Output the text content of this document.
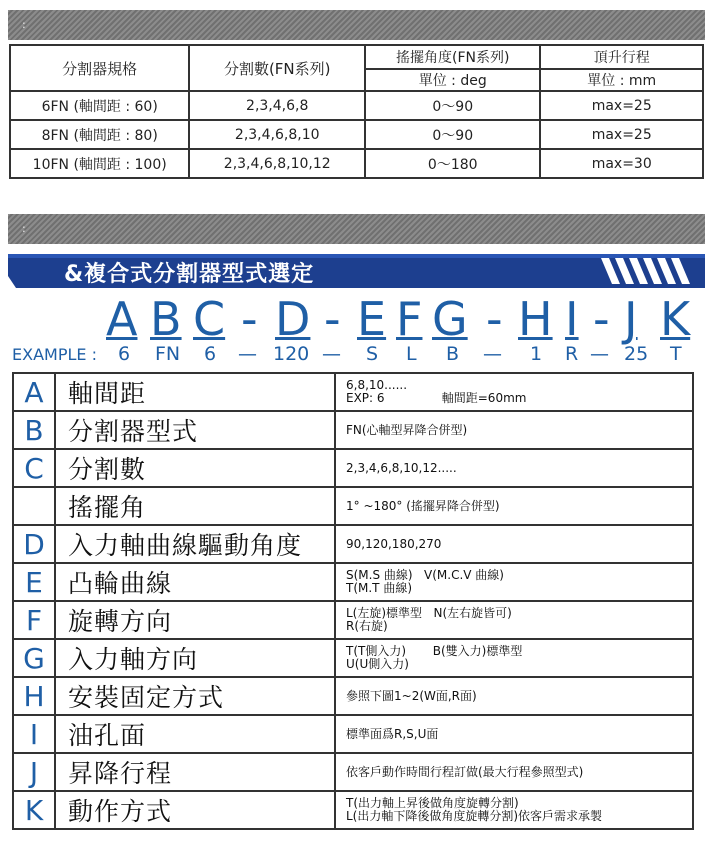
:
分割器規格	分割數(FN系列)	搖擺角度(FN系列)	頂升行程
		單位 : deg	單位 : mm
6FN (軸間距 : 60)	2,3,4,6,8	0～90	max=25
8FN (軸間距 : 80)	2,3,4,6,8,10	0～90	max=25
10FN (軸間距 : 100)	2,3,4,6,8,10,12	0～180	max=30
:
&複合式分割器型式選定
A B C - D - E F G - H I - J K
EXAMPLE : 6 FN 6 — 120 — S L B — 1 R — 25 T
A	軸間距	6,8,10......
EXP: 6               軸間距=60mm

B	分割器型式	FN(心軸型昇降合併型)

C	分割數	2,3,4,6,8,10,12.....

	搖擺角	1° ~180° (搖擺昇降合併型)

D	入力軸曲線驅動角度	90,120,180,270

E	凸輪曲線	S(M.S 曲線)   V(M.C.V 曲線)
T(M.T 曲線)

F	旋轉方向	L(左旋)標準型   N(左右旋皆可)
R(右旋)

G	入力軸方向	T(T側入力)       B(雙入力)標準型
U(U側入力)

H	安裝固定方式	參照下圖1~2(W面,R面)

I	油孔面	標準面爲R,S,U面

J	昇降行程	依客戶動作時間行程訂做(最大行程參照型式)

K	動作方式	T(出力軸上昇後做角度旋轉分割)
L(出力軸下降後做角度旋轉分割)依客戶需求承製
